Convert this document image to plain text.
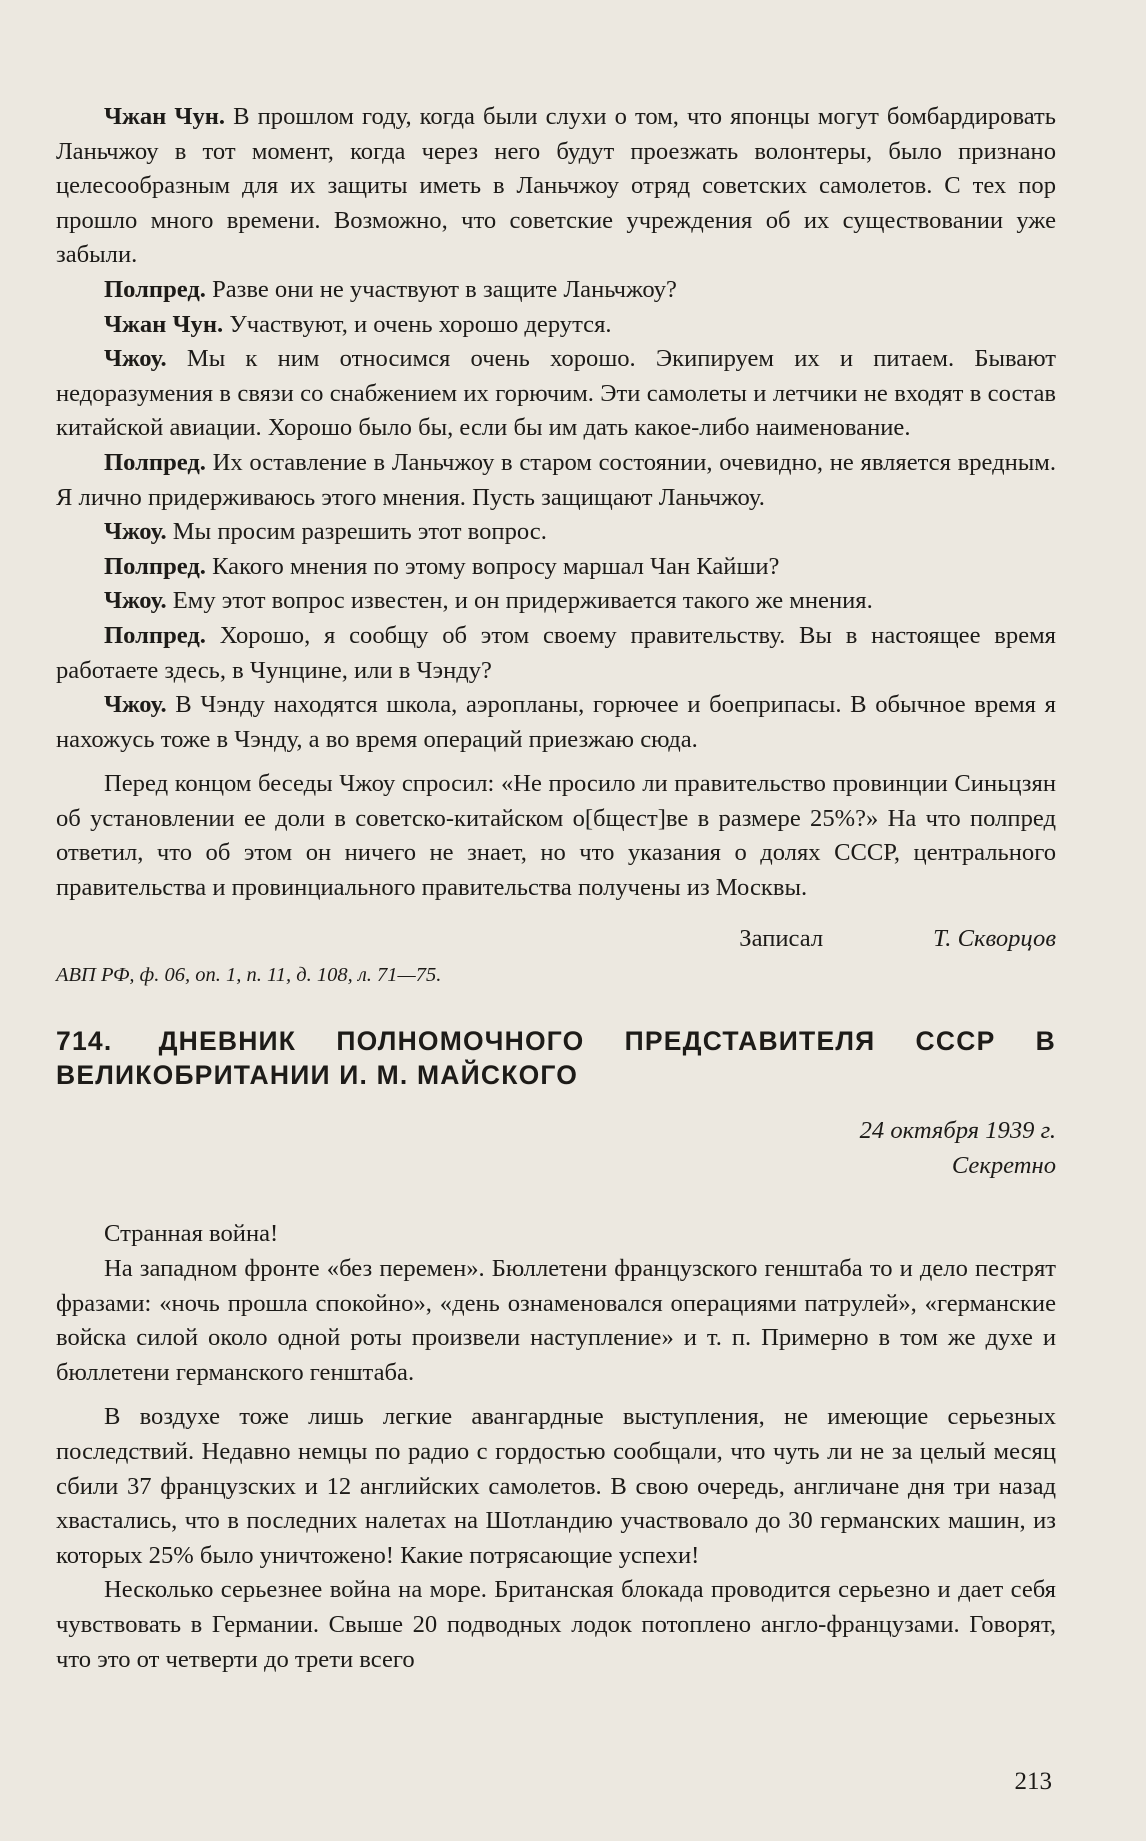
Чжан Чун. В прошлом году, когда были слухи о том, что японцы могут бомбардировать Ланьчжоу в тот момент, когда через него будут проезжать волонтеры, было признано целесообразным для их защиты иметь в Ланьчжоу отряд советских самолетов. С тех пор прошло много времени. Возможно, что советские учреждения об их существовании уже забыли.

Полпред. Разве они не участвуют в защите Ланьчжоу?

Чжан Чун. Участвуют, и очень хорошо дерутся.

Чжоу. Мы к ним относимся очень хорошо. Экипируем их и питаем. Бывают недоразумения в связи со снабжением их горючим. Эти самолеты и летчики не входят в состав китайской авиации. Хорошо было бы, если бы им дать какое-либо наименование.

Полпред. Их оставление в Ланьчжоу в старом состоянии, очевидно, не является вредным. Я лично придерживаюсь этого мнения. Пусть защищают Ланьчжоу.

Чжоу. Мы просим разрешить этот вопрос.

Полпред. Какого мнения по этому вопросу маршал Чан Кайши?

Чжоу. Ему этот вопрос известен, и он придерживается такого же мнения.

Полпред. Хорошо, я сообщу об этом своему правительству. Вы в настоящее время работаете здесь, в Чунцине, или в Чэнду?

Чжоу. В Чэнду находятся школа, аэропланы, горючее и боеприпасы. В обычное время я нахожусь тоже в Чэнду, а во время операций приезжаю сюда.

Перед концом беседы Чжоу спросил: «Не просило ли правительство провинции Синьцзян об установлении ее доли в советско-китайском о[бщест]ве в размере 25%?» На что полпред ответил, что об этом он ничего не знает, но что указания о долях СССР, центрального правительства и провинциального правительства получены из Москвы.

Записал	Т. Скворцов

АВП РФ, ф. 06, оп. 1, п. 11, д. 108, л. 71—75.

714. ДНЕВНИК ПОЛНОМОЧНОГО ПРЕДСТАВИТЕЛЯ СССР В ВЕЛИКОБРИТАНИИ И. М. МАЙСКОГО

24 октября 1939 г.

Секретно

Странная война!

На западном фронте «без перемен». Бюллетени французского генштаба то и дело пестрят фразами: «ночь прошла спокойно», «день ознаменовался операциями патрулей», «германские войска силой около одной роты произвели наступление» и т. п. Примерно в том же духе и бюллетени германского генштаба.

В воздухе тоже лишь легкие авангардные выступления, не имеющие серьезных последствий. Недавно немцы по радио с гордостью сообщали, что чуть ли не за целый месяц сбили 37 французских и 12 английских самолетов. В свою очередь, англичане дня три назад хвастались, что в последних налетах на Шотландию участвовало до 30 германских машин, из которых 25% было уничтожено! Какие потрясающие успехи!

Несколько серьезнее война на море. Британская блокада проводится серьезно и дает себя чувствовать в Германии. Свыше 20 подводных лодок потоплено англо-французами. Говорят, что это от четверти до трети всего

213
